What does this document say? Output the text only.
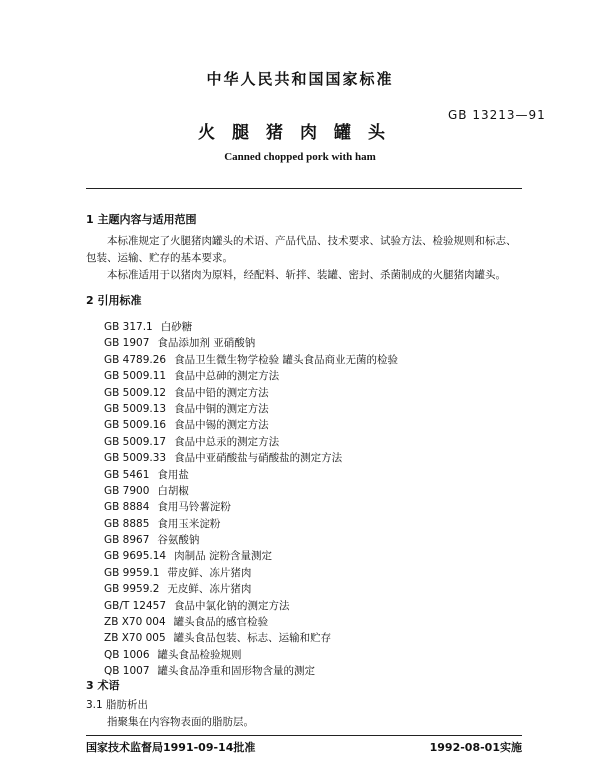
中华人民共和国国家标准
GB 13213—91
火腿猪肉罐头
Canned chopped pork with ham
1 主题内容与适用范围
本标准规定了火腿猪肉罐头的术语、产品代品、技术要求、试验方法、检验规则和标志、包装、运输、贮存的基本要求。
本标准适用于以猪肉为原料，经配料、斩拌、装罐、密封、杀菌制成的火腿猪肉罐头。
2 引用标准
GB 317.1 白砂糖
GB 1907 食品添加剂 亚硝酸钠
GB 4789.26 食品卫生微生物学检验 罐头食品商业无菌的检验
GB 5009.11 食品中总砷的测定方法
GB 5009.12 食品中铅的测定方法
GB 5009.13 食品中铜的测定方法
GB 5009.16 食品中锡的测定方法
GB 5009.17 食品中总汞的测定方法
GB 5009.33 食品中亚硝酸盐与硝酸盐的测定方法
GB 5461 食用盐
GB 7900 白胡椒
GB 8884 食用马铃薯淀粉
GB 8885 食用玉米淀粉
GB 8967 谷氨酸钠
GB 9695.14 肉制品 淀粉含量测定
GB 9959.1 带皮鲜、冻片猪肉
GB 9959.2 无皮鲜、冻片猪肉
GB/T 12457 食品中氯化钠的测定方法
ZB X70 004 罐头食品的感官检验
ZB X70 005 罐头食品包装、标志、运输和贮存
QB 1006 罐头食品检验规则
QB 1007 罐头食品净重和固形物含量的测定
3 术语
3.1 脂肪析出
指聚集在内容物表面的脂肪层。
国家技术监督局1991-09-14批准	1992-08-01实施
